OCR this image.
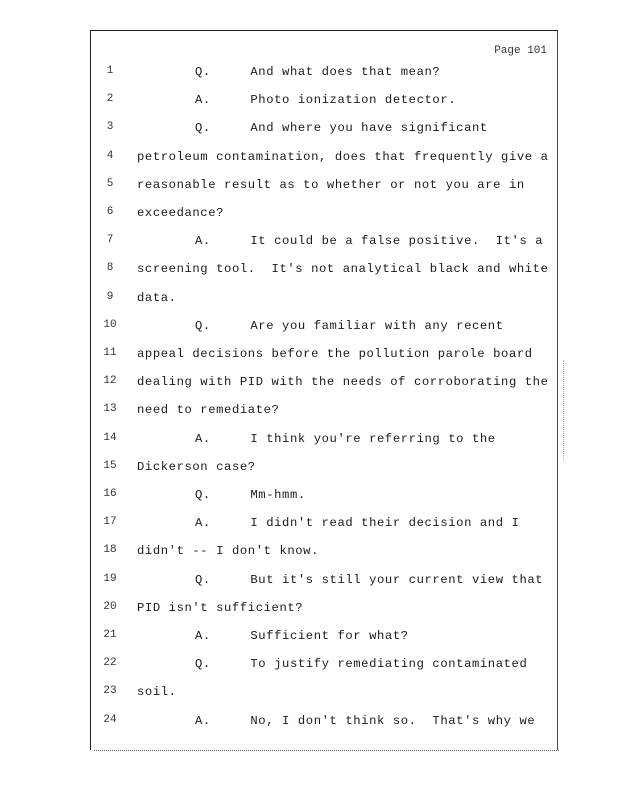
Page 101
1	Q.     And what does that mean?
2	A.     Photo ionization detector.
3	Q.     And where you have significant
4	petroleum contamination, does that frequently give a
5	reasonable result as to whether or not you are in
6	exceedance?
7	A.     It could be a false positive.  It's a
8	screening tool.  It's not analytical black and white
9	data.
10	Q.     Are you familiar with any recent
11	appeal decisions before the pollution parole board
12	dealing with PID with the needs of corroborating the
13	need to remediate?
14	A.     I think you're referring to the
15	Dickerson case?
16	Q.     Mm-hmm.
17	A.     I didn't read their decision and I
18	didn't -- I don't know.
19	Q.     But it's still your current view that
20	PID isn't sufficient?
21	A.     Sufficient for what?
22	Q.     To justify remediating contaminated
23	soil.
24	A.     No, I don't think so.  That's why we
